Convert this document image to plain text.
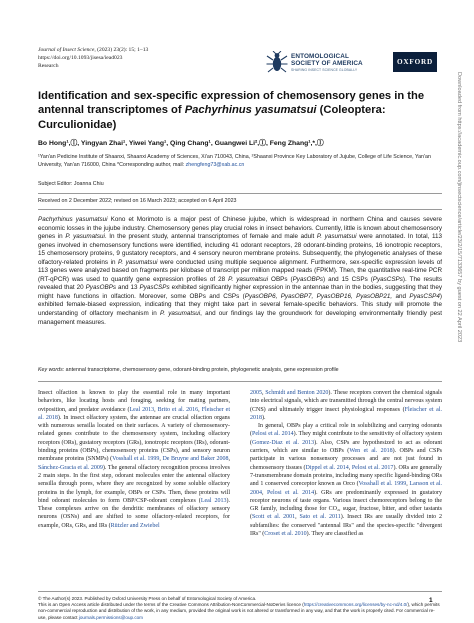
Journal of Insect Science, (2023) 23(2): 15; 1–13
https://doi.org/10.1093/jisesa/iead023
Research
ENTOMOLOGICAL
SOCIETY OF AMERICA
SHARING INSECT SCIENCE GLOBALLY
OXFORD
Downloaded from https://academic.oup.com/jinsectscience/article/23/2/15/7133657 by guest on 22 April 2023
Identification and sex-specific expression of chemosensory genes in the antennal transcriptomes of Pachyrhinus yasumatsui (Coleoptera: Curculionidae)
Bo Hong¹,Ⓘ, Yingyan Zhai¹, Yiwei Yang¹, Qing Chang¹, Guangwei Li²,Ⓘ, Feng Zhang¹,*,Ⓘ
¹Yan'an Pedicine Institute of Shaanxi, Shaanxi Academy of Sciences, Xi'an 710043, China, ²Shaanxi Province Key Laboratory of Jujube, College of Life Science, Yan'an University, Yan'an 716000, China *Corresponding author, mail: zhengfeng73@xab.ac.cn
Subject Editor: Joanna Chiu
Received on 2 December 2022; revised on 16 March 2023; accepted on 6 April 2023
Pachyrhinus yasumatsui Kono et Morimoto is a major pest of Chinese jujube, which is widespread in northern China and causes severe economic losses in the jujube industry. Chemosensory genes play crucial roles in insect behaviors. Currently, little is known about chemosensory genes in P. yasumatsui. In the present study, antennal transcriptomes of female and male adult P. yasumatsui were annotated. In total, 113 genes involved in chemosensory functions were identified, including 41 odorant receptors, 28 odorant-binding proteins, 16 ionotropic receptors, 15 chemosensory proteins, 9 gustatory receptors, and 4 sensory neuron membrane proteins. Subsequently, the phylogenetic analyses of these olfactory-related proteins in P. yasumatsui were conducted using multiple sequence alignment. Furthermore, sex-specific expression levels of 113 genes were analyzed based on fragments per kilobase of transcript per million mapped reads (FPKM). Then, the quantitative real-time PCR (RT-qPCR) was used to quantify gene expression profiles of 28 P. yasumatsui OBPs (PyasOBPs) and 15 CSPs (PyasCSPs). The results revealed that 20 PyasOBPs and 13 PyasCSPs exhibited significantly higher expression in the antennae than in the bodies, suggesting that they might have functions in olfaction. Moreover, some OBPs and CSPs (PyasOBP6, PyasOBP7, PyasOBP16, PyasOBP21, and PyasCSP4) exhibited female-biased expression, indicating that they might take part in several female-specific behaviors. This study will promote the understanding of olfactory mechanism in P. yasumatsui, and our findings lay the groundwork for developing environmentally friendly pest management measures.
Key words: antennal transcriptome, chemosensory gene, odorant-binding protein, phylogenetic analysis, gene expression profile

Insect olfaction is known to play the essential role in many important behaviors, like locating hosts and foraging, seeking for mating partners, oviposition, and predator avoidance (Leal 2013, Brito et al. 2016, Fleischer et al. 2018). In insect olfactory system, the antennae are crucial olfaction organs with numerous sensilla located on their surfaces. A variety of chemosensory-related genes contribute to the chemosensory system, including olfactory receptors (ORs), gustatory receptors (GRs), ionotropic receptors (IRs), odorant-binding proteins (OBPs), chemosensory proteins (CSPs), and sensory neuron membrane proteins (SNMPs) (Vosshall et al. 1999, De Bruyne and Baker 2008, Sánchez-Gracia et al. 2009). The general olfactory recognition process involves 2 main steps. In the first step, odorant molecules enter the antennal olfactory sensilla through pores, where they are recognized by some soluble olfactory proteins in the lymph, for example, OBPs or CSPs. Then, these proteins will bind odorant molecules to form OBP/CSP-odorant complexes (Leal 2013). These complexes arrive on the dendritic membranes of olfactory sensory neurons (OSNs) and are shifted to some olfactory-related receptors, for example, ORs, GRs, and IRs (Rützler and Zwiebel

2005, Schmidt and Benton 2020). These receptors convert the chemical signals into electrical signals, which are transmitted through the central nervous system (CNS) and ultimately trigger insect physiological responses (Fleischer et al. 2018).

In general, OBPs play a critical role in solubilizing and carrying odorants (Pelosi et al. 2014). They might contribute to the sensitivity of olfactory system (Gomez-Diaz et al. 2013). Also, CSPs are hypothesized to act as odorant carriers, which are similar to OBPs (Wen et al. 2018). OBPs and CSPs participate in various nonsensory processes and are not just found in chemosensory tissues (Dippel et al. 2014, Pelosi et al. 2017). ORs are generally 7-transmembrane domain proteins, including many specific ligand-binding ORs and 1 conserved coreceptor known as Orco (Vosshall et al. 1999, Larsson et al. 2004, Pelosi et al. 2014). GRs are predominantly expressed in gustatory receptor neurons of taste organs. Various insect chemoreceptors belong to the GR family, including those for CO₂, sugar, fructose, bitter, and other tastants (Scott et al. 2001, Sato et al. 2011). Insect IRs are usually divided into 2 subfamilies: the conserved "antennal IRs" and the species-specific "divergent IRs" (Croset et al. 2010). They are classified as

© The Author(s) 2023. Published by Oxford University Press on behalf of Entomological Society of America.
This is an Open Access article distributed under the terms of the Creative Commons Attribution-NonCommercial-NoDerivs licence (https://creativecommons.org/licenses/by-nc-nd/4.0/), which permits non-commercial reproduction and distribution of the work, in any medium, provided the original work is not altered or transformed in any way, and that the work is properly cited. For commercial re-use, please contact journals.permissions@oup.com
1
